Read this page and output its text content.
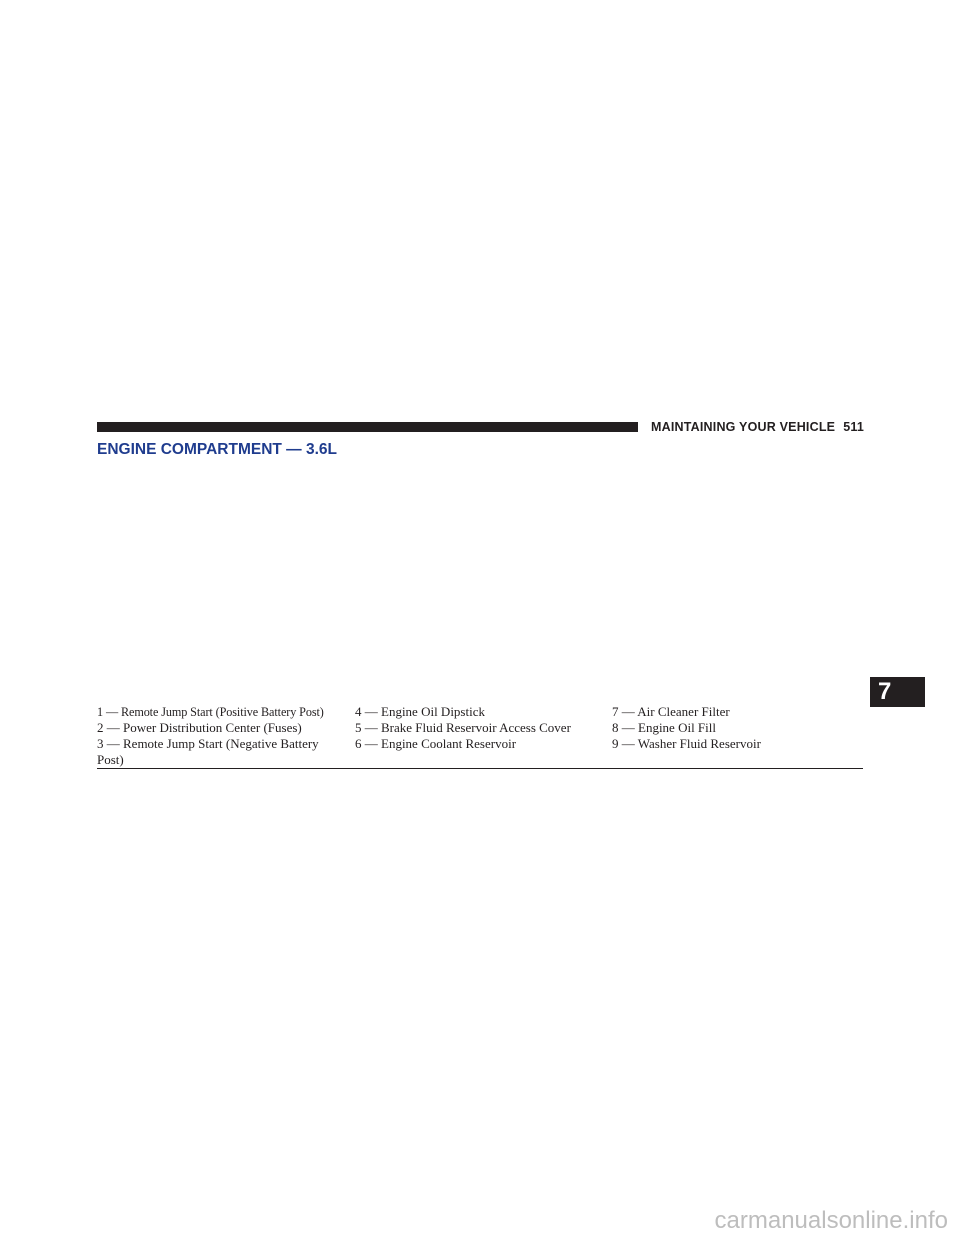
MAINTAINING YOUR VEHICLE 511
ENGINE COMPARTMENT — 3.6L
1 — Remote Jump Start (Positive Battery Post)
2 — Power Distribution Center (Fuses)
3 — Remote Jump Start (Negative Battery Post)
4 — Engine Oil Dipstick
5 — Brake Fluid Reservoir Access Cover
6 — Engine Coolant Reservoir
7 — Air Cleaner Filter
8 — Engine Oil Fill
9 — Washer Fluid Reservoir
7
carmanualsonline.info
